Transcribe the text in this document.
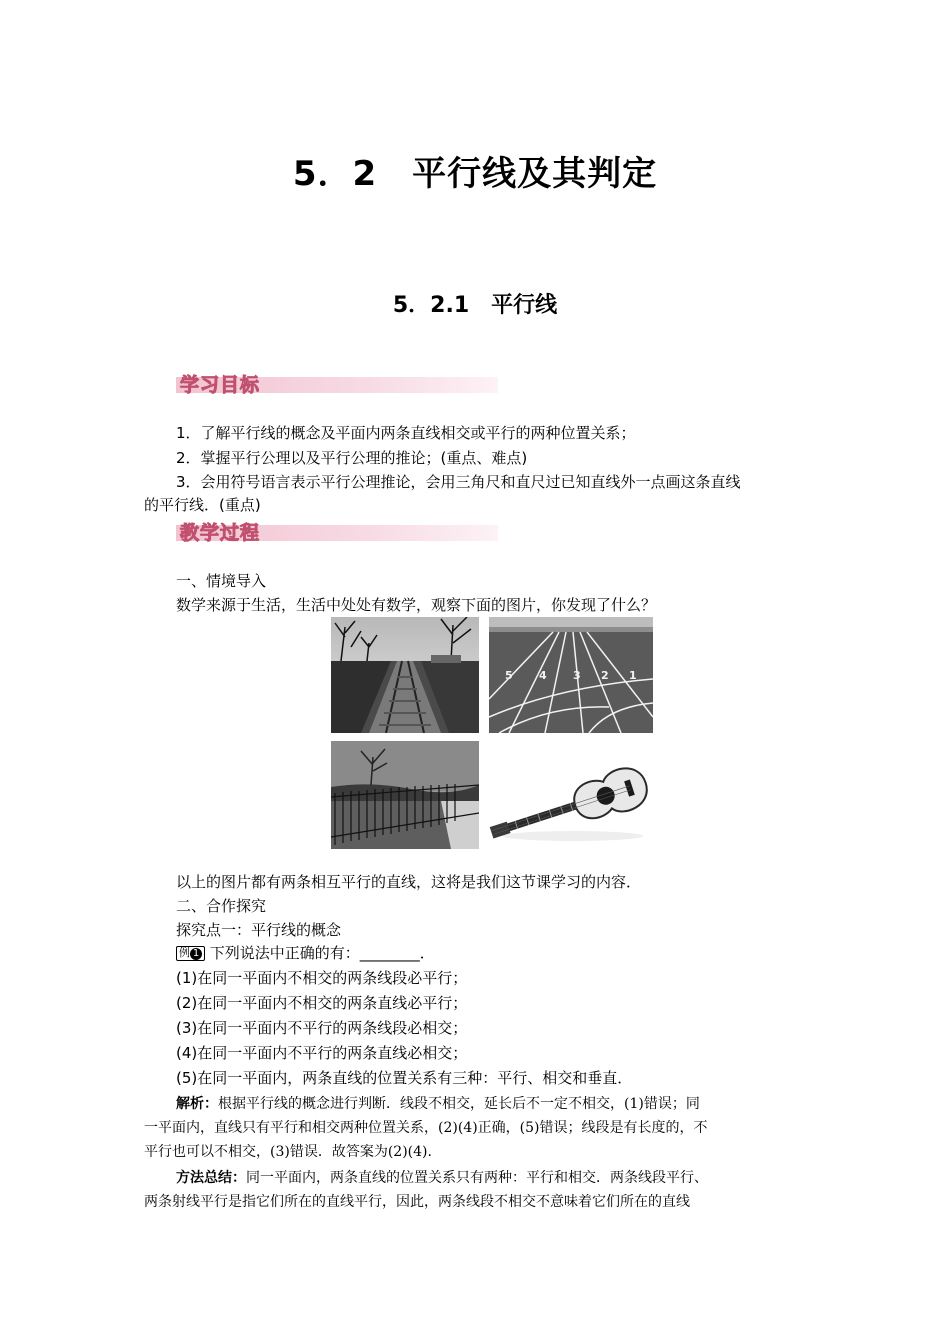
5．2　平行线及其判定
5．2.1　平行线
学习目标
1．了解平行线的概念及平面内两条直线相交或平行的两种位置关系；
2．掌握平行公理以及平行公理的推论；(重点、难点)
3．会用符号语言表示平行公理推论，会用三角尺和直尺过已知直线外一点画这条直线
的平行线．(重点)
教学过程
一、情境导入
数学来源于生活，生活中处处有数学，观察下面的图片，你发现了什么？
5 4 3 2 1
以上的图片都有两条相互平行的直线，这将是我们这节课学习的内容．
二、合作探究
探究点一：平行线的概念
例 1 下列说法中正确的有：________．
(1)在同一平面内不相交的两条线段必平行；
(2)在同一平面内不相交的两条直线必平行；
(3)在同一平面内不平行的两条线段必相交；
(4)在同一平面内不平行的两条直线必相交；
(5)在同一平面内，两条直线的位置关系有三种：平行、相交和垂直．
解析：根据平行线的概念进行判断．线段不相交，延长后不一定不相交，(1)错误；同
一平面内，直线只有平行和相交两种位置关系，(2)(4)正确，(5)错误；线段是有长度的，不
平行也可以不相交，(3)错误．故答案为(2)(4).
方法总结：同一平面内，两条直线的位置关系只有两种：平行和相交．两条线段平行、
两条射线平行是指它们所在的直线平行，因此，两条线段不相交不意味着它们所在的直线
